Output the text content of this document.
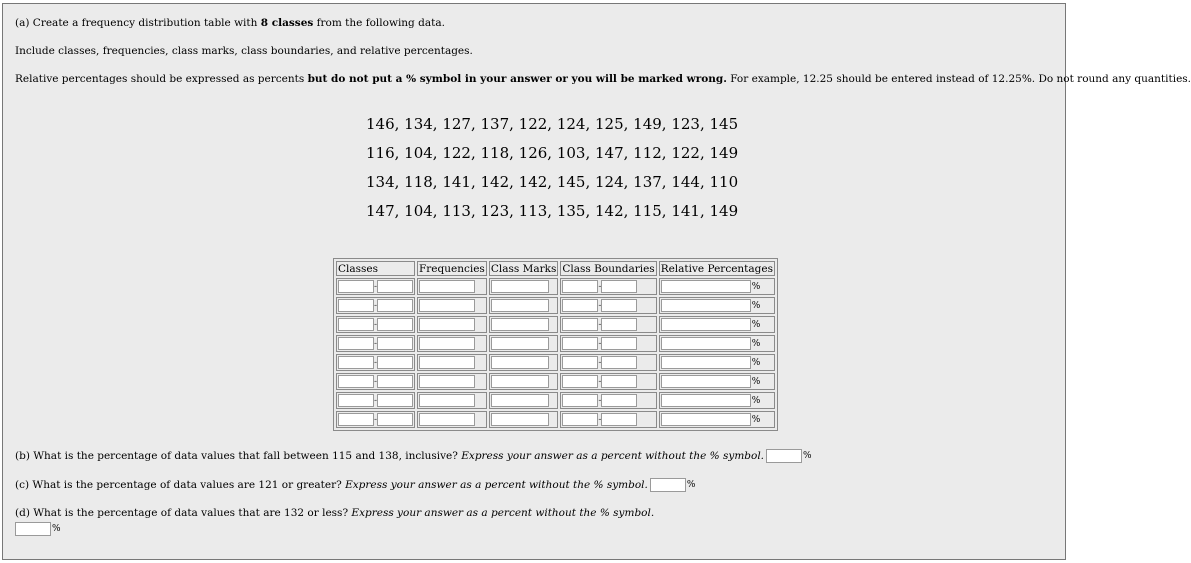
(a) Create a frequency distribution table with 8 classes from the following data.
Include classes, frequencies, class marks, class boundaries, and relative percentages.
Relative percentages should be expressed as percents but do not put a % symbol in your answer or you will be marked wrong. For example, 12.25 should be entered instead of 12.25%. Do not round any quantities.
146, 134, 127, 137, 122, 124, 125, 149, 123, 145
116, 104, 122, 118, 126, 103, 147, 112, 122, 149
134, 118, 141, 142, 142, 145, 124, 137, 144, 110
147, 104, 113, 123, 113, 135, 142, 115, 141, 149
Classes	Frequencies	Class Marks	Class Boundaries	Relative Percentages
-			-	%
-			-	%
-			-	%
-			-	%
-			-	%
-			-	%
-			-	%
-			-	%
(b) What is the percentage of data values that fall between 115 and 138, inclusive? Express your answer as a percent without the % symbol.	%
(c) What is the percentage of data values are 121 or greater? Express your answer as a percent without the % symbol.	%
(d) What is the percentage of data values that are 132 or less? Express your answer as a percent without the % symbol.
%
